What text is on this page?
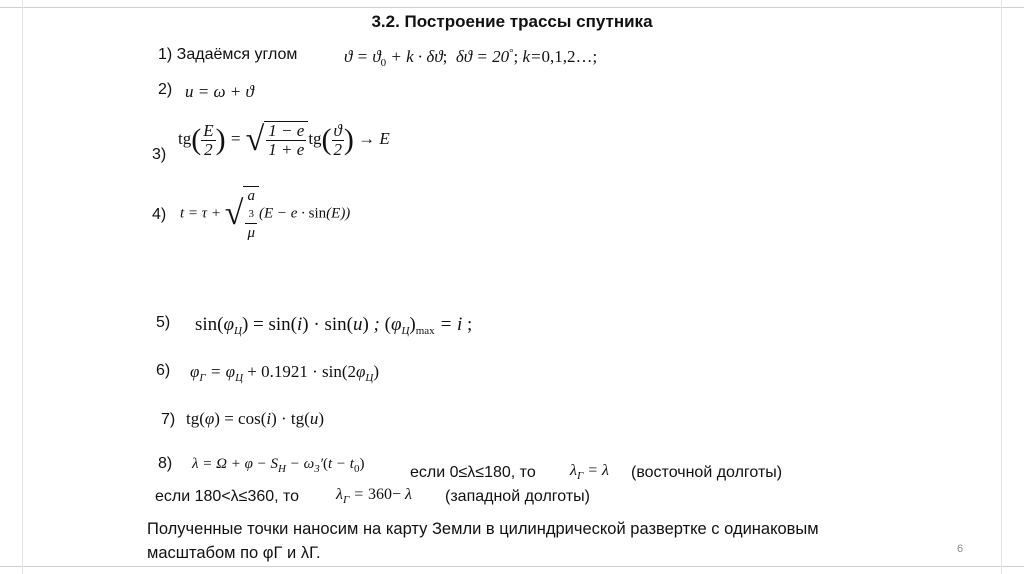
3.2. Построение трассы спутника
1) Задаёмся углом	$ϑ = ϑ_0 + k \cdot \delta ϑ$;  δϑ = 20°; k=0,1,2…;
2) u = ω + ϑ
3)
$tg( \frac{E}{2}$ ) = √ $\frac{1 - e}{1 + e} tg( \frac{ϑ}{2}$ ) → E
4) t = τ + √ a
3
μ (E − e · sin(E))
5) $\sin(\varphi_Ц) = \sin(i) \cdot \sin(u)$ ; $(\varphi_Ц)_{max} = i$ ;
6) $\varphi_Г = \varphi_Ц + 0.1921 \cdot \sin(2\varphi_Ц)$
7) tg(φ) = cos(i) · tg(u)
8) $\lambda = \Omega + \varphi - S_H - \omega_3'(t - t_0)$	если 0≤λ≤180, то $\lambda_Г = \lambda$ (восточной долготы)
если 180<λ≤360, то $\lambda_Г = 360- \lambda$ (западной долготы)
Полученные точки наносим на карту Земли в цилиндрической развертке с одинаковым масштабом по φГ и λГ.	6
